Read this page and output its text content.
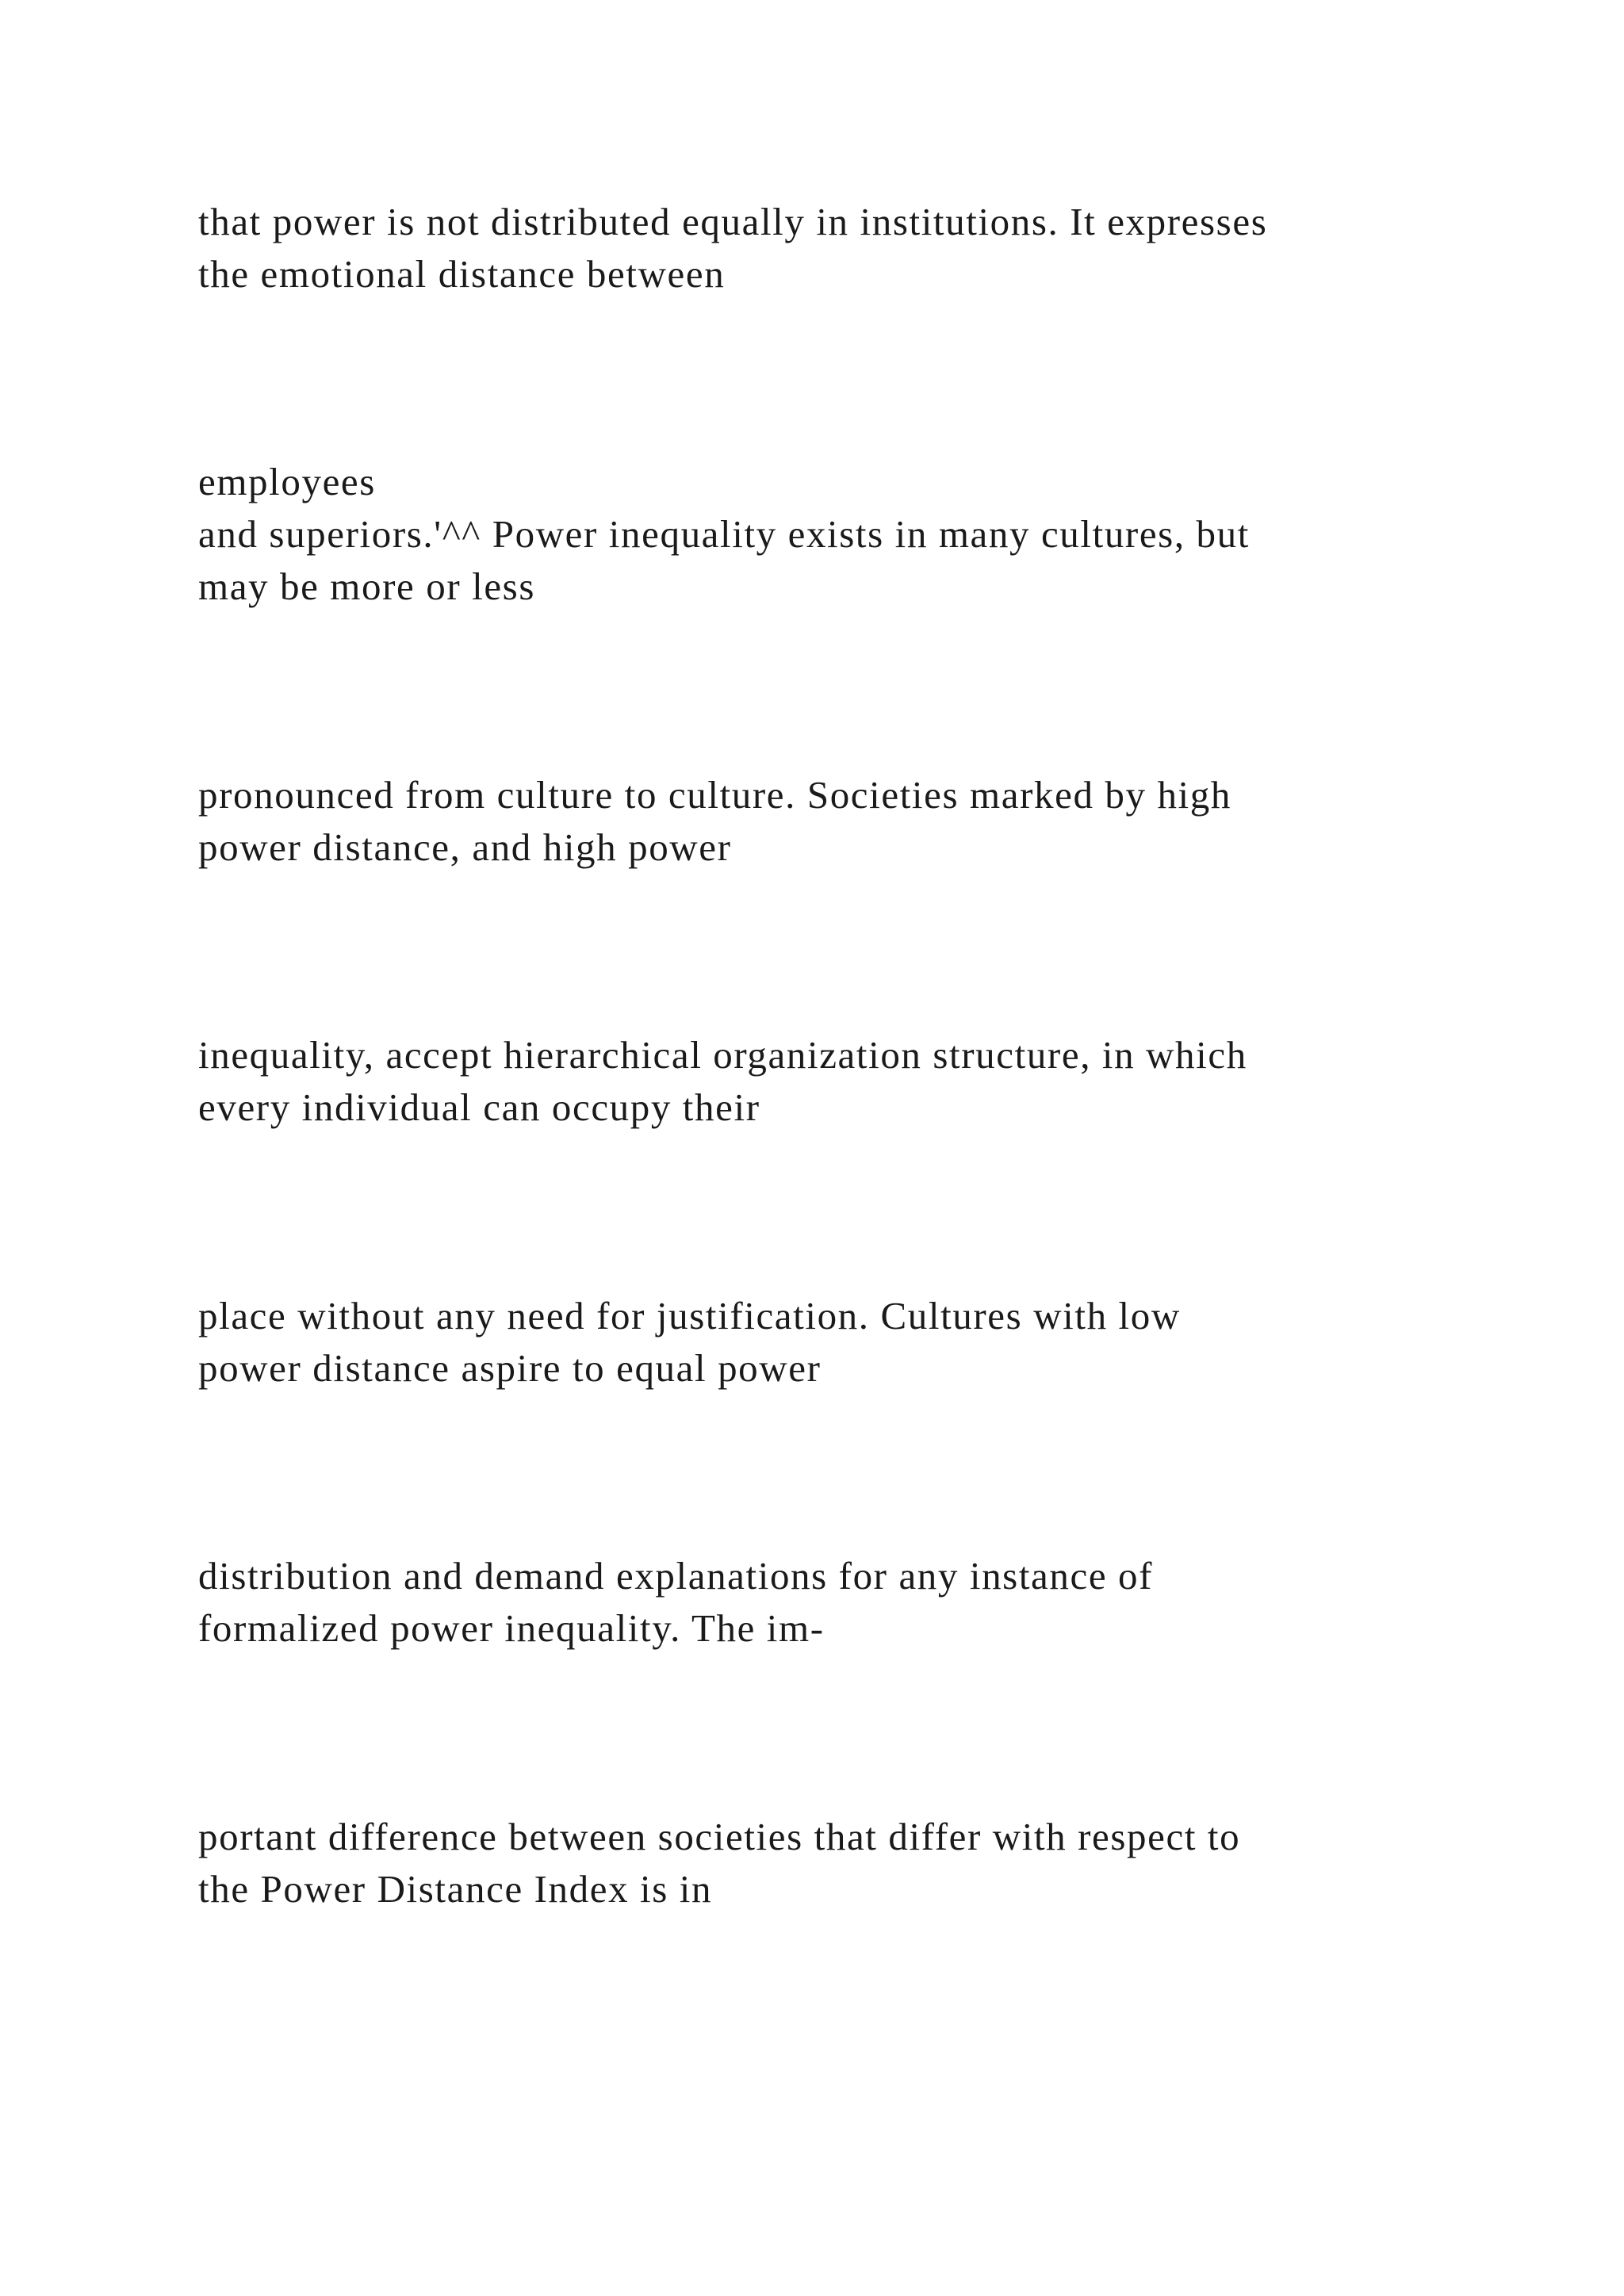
that power is not distributed equally in institutions. It expresses
the emotional distance between

employees
and superiors.'^^ Power inequality exists in many cultures, but
may be more or less

pronounced from culture to culture. Societies marked by high
power distance, and high power

inequality, accept hierarchical organization structure, in which
every individual can occupy their

place without any need for justification. Cultures with low
power distance aspire to equal power

distribution and demand explanations for any instance of
formalized power inequality. The im-

portant difference between societies that differ with respect to
the Power Distance Index is in
